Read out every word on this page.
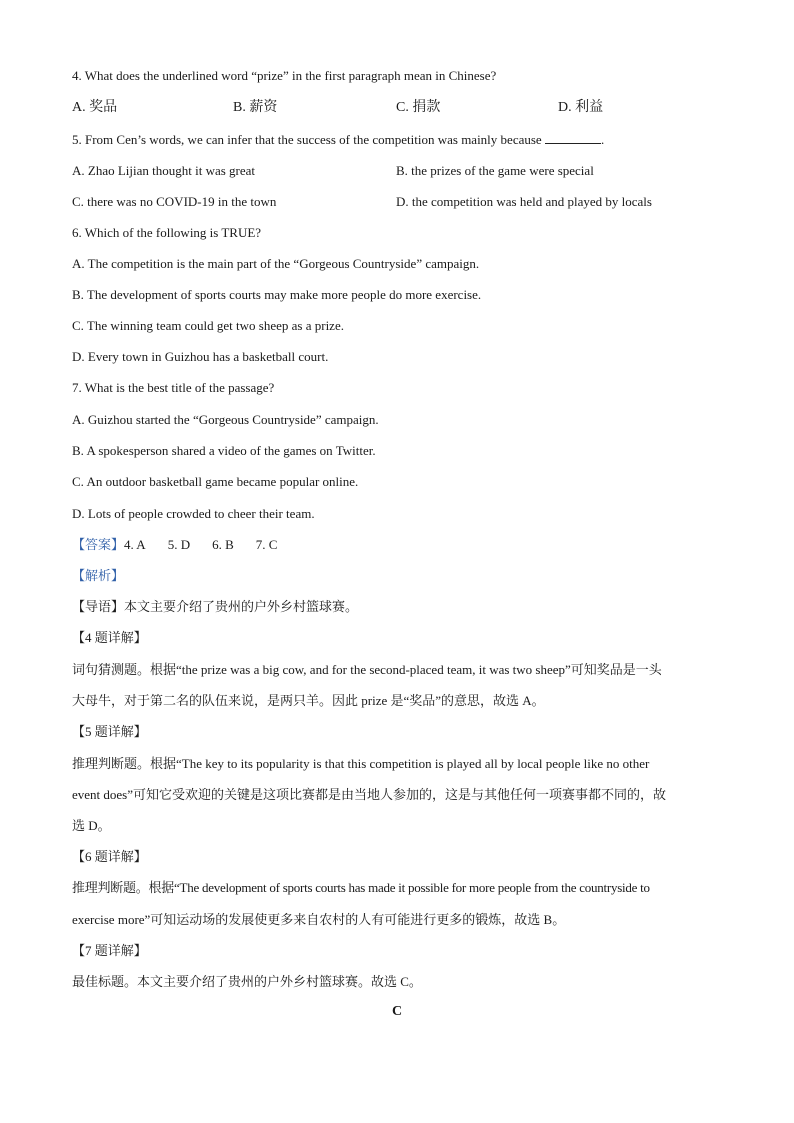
4. What does the underlined word “prize” in the first paragraph mean in Chinese?
A. 奖品	B. 薪资	C. 捐款	D. 利益
5. From Cen’s words, we can infer that the success of the competition was mainly because	.
A. Zhao Lijian thought it was great	B. the prizes of the game were special
C. there was no COVID-19 in the town	D. the competition was held and played by locals
6. Which of the following is TRUE?
A. The competition is the main part of the “Gorgeous Countryside” campaign.
B. The development of sports courts may make more people do more exercise.
C. The winning team could get two sheep as a prize.
D. Every town in Guizhou has a basketball court.
7. What is the best title of the passage?
A. Guizhou started the “Gorgeous Countryside” campaign.
B. A spokesperson shared a video of the games on Twitter.
C. An outdoor basketball game became popular online.
D. Lots of people crowded to cheer their team.
【答案】4. A 5. D 6. B 7. C
【解析】
【导语】本文主要介绍了贵州的户外乡村篮球赛。
【4 题详解】
词句猜测题。根据“the prize was a big cow, and for the second-placed team, it was two sheep”可知奖品是一头
大母牛，对于第二名的队伍来说，是两只羊。因此 prize 是“奖品”的意思，故选 A。
【5 题详解】
推理判断题。根据“The key to its popularity is that this competition is played all by local people like no other
event does”可知它受欢迎的关键是这项比赛都是由当地人参加的，这是与其他任何一项赛事都不同的，故
选 D。
【6 题详解】
推理判断题。根据“The development of sports courts has made it possible for more people from the countryside to
exercise more”可知运动场的发展使更多来自农村的人有可能进行更多的锻炼，故选 B。
【7 题详解】
最佳标题。本文主要介绍了贵州的户外乡村篮球赛。故选 C。
C
